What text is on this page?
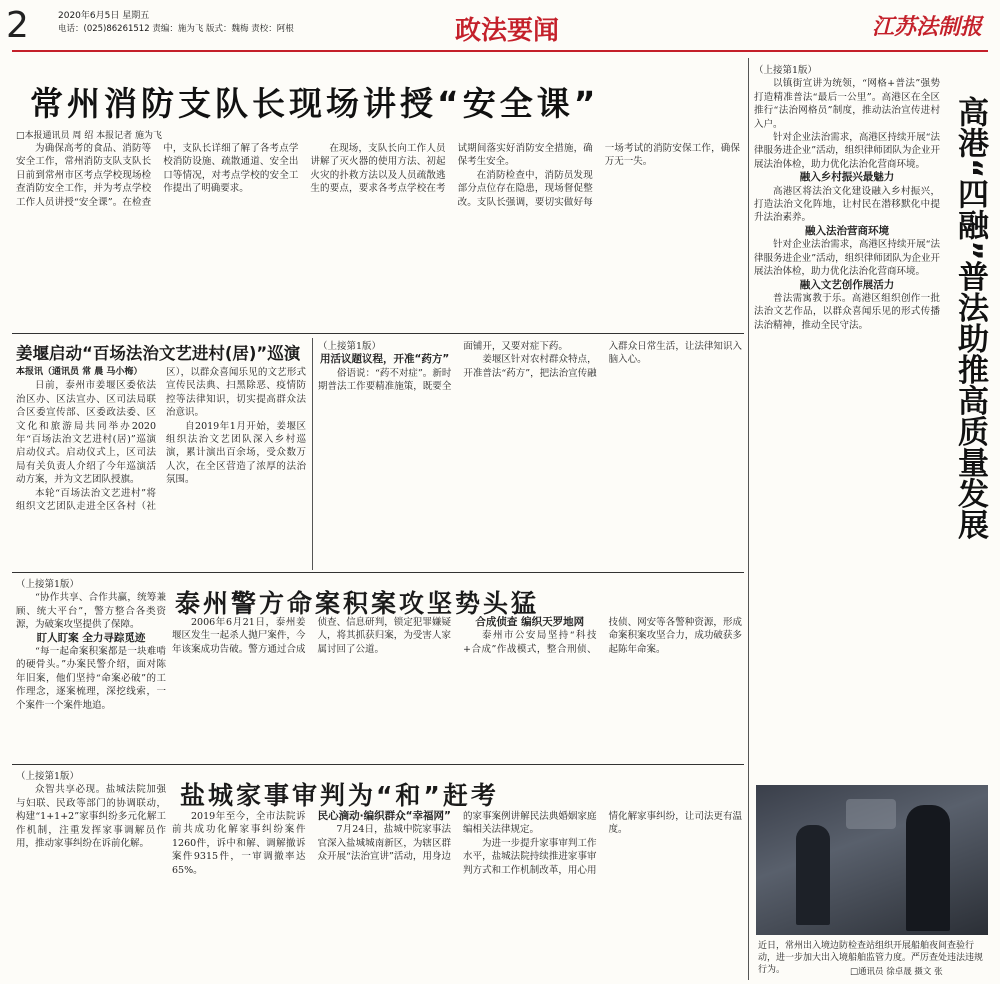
2	2020年6月5日 星期五
电话：(025)86261512 责编：施为飞 版式：魏梅 责校：阿根	政法要闻	江苏法制报
常州消防支队长现场讲授“安全课”
□本报通讯员 周 绍 本报记者 施为飞

为确保高考的食品、消防等安全工作，常州消防支队支队长日前到常州市区考点学校现场检查消防安全工作，并为考点学校工作人员讲授“安全课”。在检查中，支队长详细了解了各考点学校消防设施、疏散通道、安全出口等情况，对考点学校的安全工作提出了明确要求。

在现场，支队长向工作人员讲解了灭火器的使用方法、初起火灾的扑救方法以及人员疏散逃生的要点，要求各考点学校在考试期间落实好消防安全措施，确保考生安全。

在消防检查中，消防员发现部分点位存在隐患，现场督促整改。支队长强调，要切实做好每一场考试的消防安保工作，确保万无一失。

姜堰启动“百场法治文艺进村(居)”巡演

本报讯（通讯员 常 晨 马小梅）

日前，泰州市姜堰区委依法治区办、区法宣办、区司法局联合区委宣传部、区委政法委、区文化和旅游局共同举办2020年“百场法治文艺进村(居)”巡演启动仪式。启动仪式上，区司法局有关负责人介绍了今年巡演活动方案，并为文艺团队授旗。

本轮“百场法治文艺进村”将组织文艺团队走进全区各村（社区），以群众喜闻乐见的文艺形式宣传民法典、扫黑除恶、疫情防控等法律知识，切实提高群众法治意识。

自2019年1月开始，姜堰区组织法治文艺团队深入乡村巡演，累计演出百余场，受众数万人次，在全区营造了浓厚的法治氛围。

（上接第1版）

用活议题议程，开准“药方”

俗语说：“药不对症”。新时期普法工作要精准施策，既要全面铺开，又要对症下药。

姜堰区针对农村群众特点，开准普法“药方”，把法治宣传融入群众日常生活，让法律知识入脑入心。

（上接第1版）

“协作共享、合作共赢，统筹兼顾、统大平台”，警方整合各类资源，为破案攻坚提供了保障。

盯人盯案 全力寻踪觅迹

“每一起命案积案都是一块难啃的硬骨头。”办案民警介绍，面对陈年旧案，他们坚持“命案必破”的工作理念，逐案梳理，深挖线索，一个案件一个案件地追。

泰州警方命案积案攻坚势头猛

2006年6月21日，泰州姜堰区发生一起杀人抛尸案件，今年该案成功告破。警方通过合成侦查、信息研判，锁定犯罪嫌疑人，将其抓获归案，为受害人家属讨回了公道。

合成侦查 编织天罗地网

泰州市公安局坚持“科技+合成”作战模式，整合刑侦、技侦、网安等各警种资源，形成命案积案攻坚合力，成功破获多起陈年命案。

（上接第1版）

众智共享必现。盐城法院加强与妇联、民政等部门的协调联动，构建“1+1+2”家事纠纷多元化解工作机制，注重发挥家事调解员作用，推动家事纠纷在诉前化解。

盐城家事审判为“和”赶考

2019年至今，全市法院诉前共成功化解家事纠纷案件1260件，诉中和解、调解撤诉案件9315件，一审调撤率达65%。

民心滴动·编织群众“幸福网”

7月24日，盐城中院家事法官深入盐城城南新区，为辖区群众开展“法治宣讲”活动，用身边的家事案例讲解民法典婚姻家庭编相关法律规定。

为进一步提升家事审判工作水平，盐城法院持续推进家事审判方式和工作机制改革，用心用情化解家事纠纷，让司法更有温度。

（上接第1版）

以镇街宣讲为统领，“网格+普法”强势打造精准普法“最后一公里”。高港区在全区推行“法治网格员”制度，推动法治宣传进村入户。

针对企业法治需求，高港区持续开展“法律服务进企业”活动，组织律师团队为企业开展法治体检，助力优化法治化营商环境。

融入乡村振兴最魅力

高港区将法治文化建设融入乡村振兴，打造法治文化阵地，让村民在潜移默化中提升法治素养。

融入法治营商环境

针对企业法治需求，高港区持续开展“法律服务进企业”活动，组织律师团队为企业开展法治体检，助力优化法治化营商环境。

融入文艺创作展活力

普法需寓教于乐。高港区组织创作一批法治文艺作品，以群众喜闻乐见的形式传播法治精神，推动全民守法。	高港“四融”普法助推高质量发展
近日，常州出入境边防检查站组织开展船舶夜间查验行动，进一步加大出入境船舶监管力度。严厉查处违法违规行为。	□通讯员 徐卓晟 摄文 张
